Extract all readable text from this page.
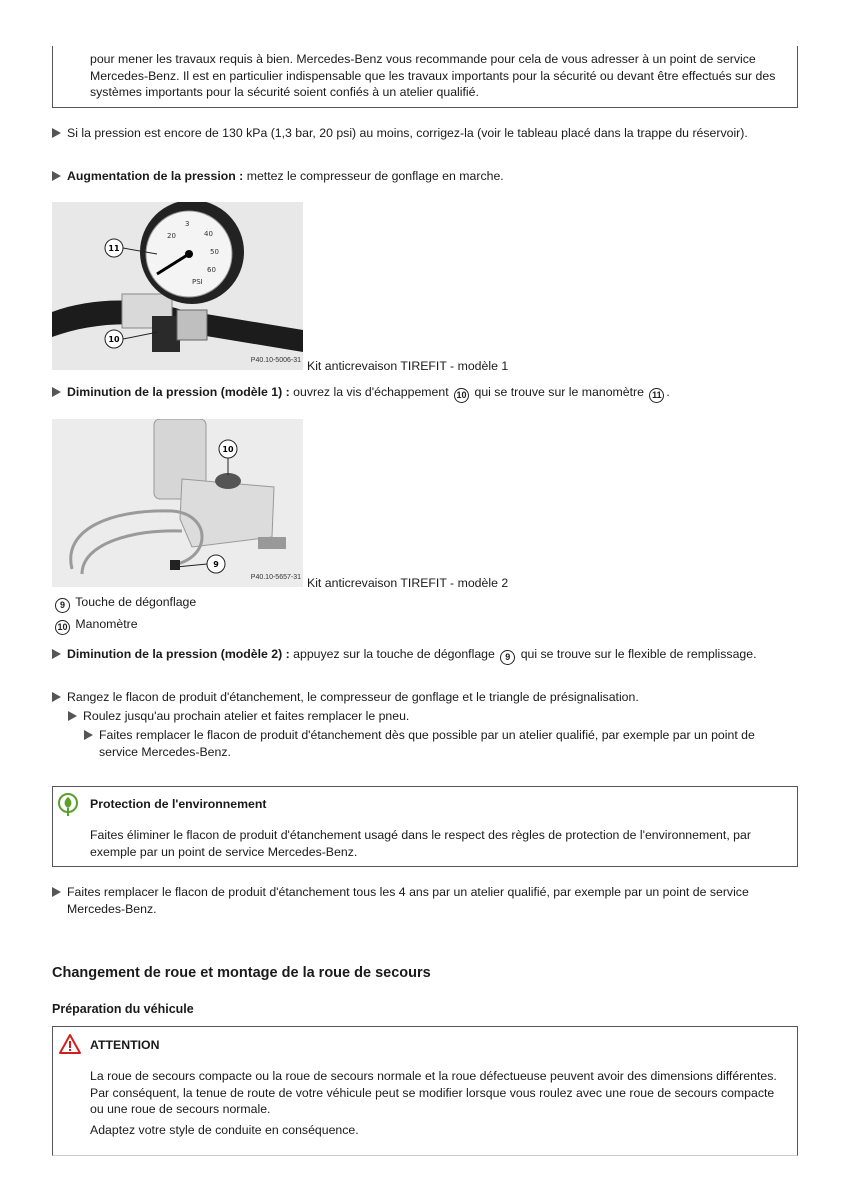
pour mener les travaux requis à bien. Mercedes-Benz vous recommande pour cela de vous adresser à un point de service Mercedes-Benz. Il est en particulier indispensable que les travaux importants pour la sécurité ou devant être effectués sur des systèmes importants pour la sécurité soient confiés à un atelier qualifié.
Si la pression est encore de 130 kPa (1,3 bar, 20 psi) au moins, corrigez-la (voir le tableau placé dans la trappe du réservoir).
Augmentation de la pression : mettez le compresseur de gonflage en marche.
20
3
40
50
60
PSI
11
10
P40.10-5006-31 Kit anticrevaison TIREFIT - modèle 1
Diminution de la pression (modèle 1) : ouvrez la vis d'échappement 10 qui se trouve sur le manomètre 11 .
10
9
P40.10-5657-31 Kit anticrevaison TIREFIT - modèle 2
9 Touche de dégonflage
10 Manomètre
Diminution de la pression (modèle 2) : appuyez sur la touche de dégonflage 9 qui se trouve sur le flexible de remplissage.
Rangez le flacon de produit d'étanchement, le compresseur de gonflage et le triangle de présignalisation.
Roulez jusqu'au prochain atelier et faites remplacer le pneu.
Faites remplacer le flacon de produit d'étanchement dès que possible par un atelier qualifié, par exemple par un point de service Mercedes-Benz.
Protection de l'environnement
Faites éliminer le flacon de produit d'étanchement usagé dans le respect des règles de protection de l'environnement, par exemple par un point de service Mercedes-Benz.
Faites remplacer le flacon de produit d'étanchement tous les 4 ans par un atelier qualifié, par exemple par un point de service Mercedes-Benz.
Changement de roue et montage de la roue de secours
Préparation du véhicule
ATTENTION
La roue de secours compacte ou la roue de secours normale et la roue défectueuse peuvent avoir des dimensions différentes. Par conséquent, la tenue de route de votre véhicule peut se modifier lorsque vous roulez avec une roue de secours compacte ou une roue de secours normale.
Adaptez votre style de conduite en conséquence.
